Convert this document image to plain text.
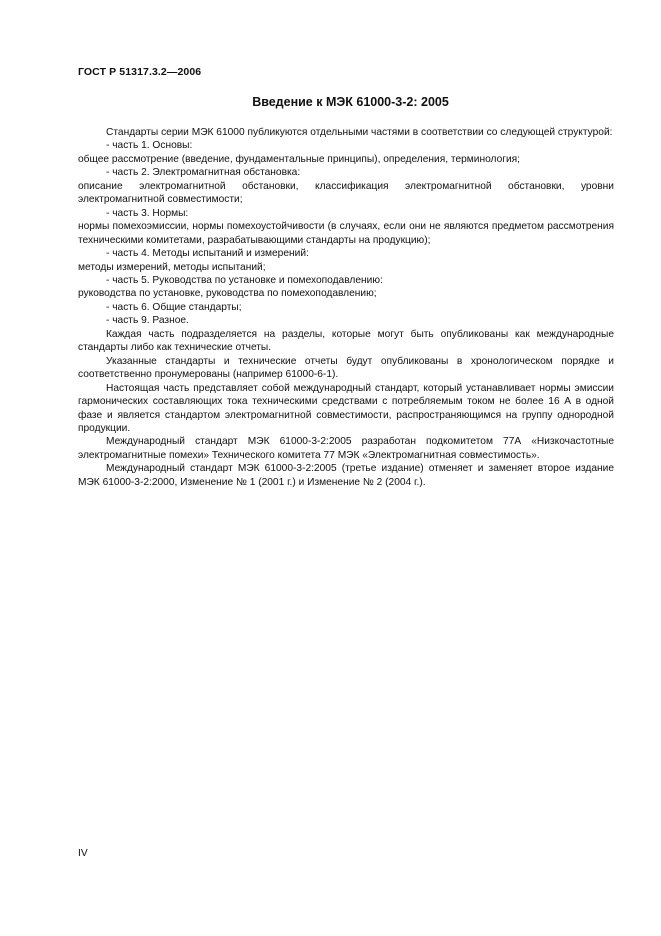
ГОСТ Р 51317.3.2—2006
Введение к МЭК 61000-3-2: 2005

Стандарты серии МЭК 61000 публикуются отдельными частями в соответствии со следующей структурой:

- часть 1. Основы:

общее рассмотрение (введение, фундаментальные принципы), определения, терминология;

- часть 2. Электромагнитная обстановка:

описание электромагнитной обстановки, классификация электромагнитной обстановки, уровни электромагнитной совместимости;

- часть 3. Нормы:

нормы помехоэмиссии, нормы помехоустойчивости (в случаях, если они не являются предметом рассмотрения техническими комитетами, разрабатывающими стандарты на продукцию);

- часть 4. Методы испытаний и измерений:

методы измерений, методы испытаний;

- часть 5. Руководства по установке и помехоподавлению:

руководства по установке, руководства по помехоподавлению;

- часть 6. Общие стандарты;

- часть 9. Разное.

Каждая часть подразделяется на разделы, которые могут быть опубликованы как международные стандарты либо как технические отчеты.

Указанные стандарты и технические отчеты будут опубликованы в хронологическом порядке и соответственно пронумерованы (например 61000-6-1).

Настоящая часть представляет собой международный стандарт, который устанавливает нормы эмиссии гармонических составляющих тока техническими средствами с потребляемым током не более 16 А в одной фазе и является стандартом электромагнитной совместимости, распространяющимся на группу однородной продукции.

Международный стандарт МЭК 61000-3-2:2005 разработан подкомитетом 77А «Низкочастотные электромагнитные помехи» Технического комитета 77 МЭК «Электромагнитная совместимость».

Международный стандарт МЭК 61000-3-2:2005 (третье издание) отменяет и заменяет второе издание МЭК 61000-3-2:2000, Изменение № 1 (2001 г.) и Изменение № 2 (2004 г.).

IV
